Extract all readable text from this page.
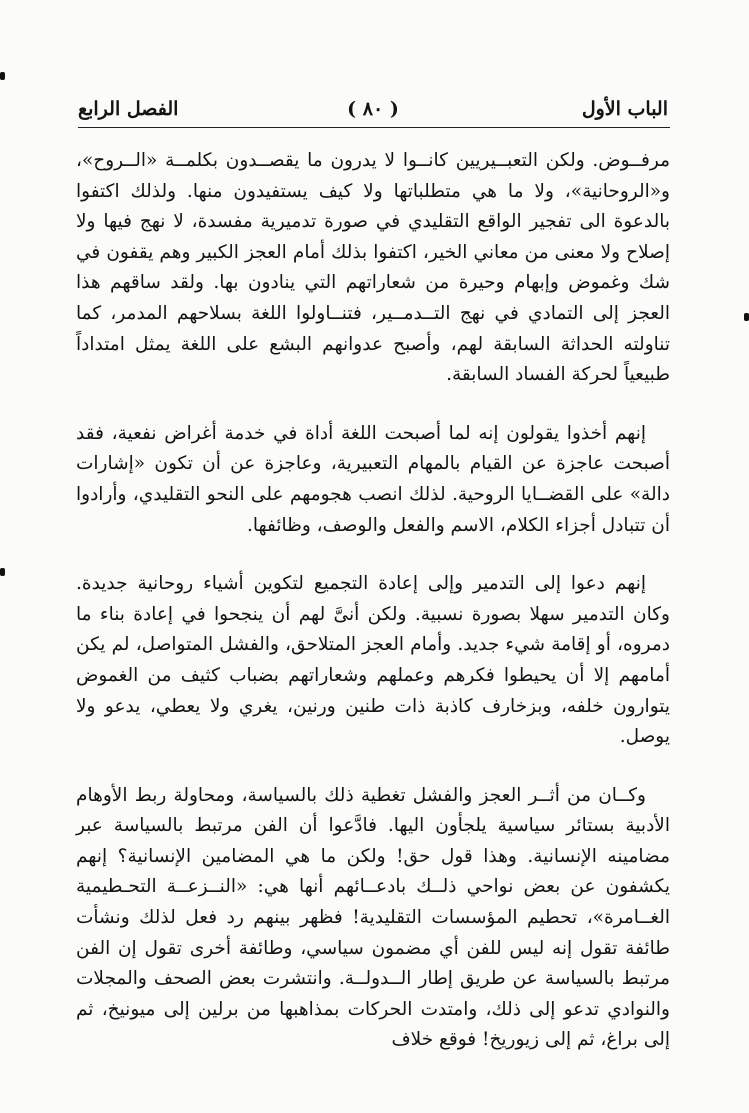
الباب الأول
( ٨٠ )
الفصل الرابع

مرفــوض. ولكن التعبــيريين كانــوا لا يدرون ما يقصــدون بكلمــة «الــروح»، و«الروحانية»، ولا ما هي متطلباتها ولا كيف يستفيدون منها. ولذلك اكتفوا بالدعوة الى تفجير الواقع التقليدي في صورة تدميرية مفسدة، لا نهج فيها ولا إصلاح ولا معنى من معاني الخير، اكتفوا بذلك أمام العجز الكبير وهم يقفون في شك وغموض وإبهام وحيرة من شعاراتهم التي ينادون بها. ولقد ساقهم هذا العجز إلى التمادي في نهج التــدمــير، فتنــاولوا اللغة بسلاحهم المدمر، كما تناولته الحداثة السابقة لهم، وأصبح عدوانهم البشع على اللغة يمثل امتداداً طبيعياً لحركة الفساد السابقة.

إنهم أخذوا يقولون إنه لما أصبحت اللغة أداة في خدمة أغراض نفعية، فقد أصبحت عاجزة عن القيام بالمهام التعبيرية، وعاجزة عن أن تكون «إشارات دالة» على القضــايا الروحية. لذلك انصب هجومهم على النحو التقليدي، وأرادوا أن تتبادل أجزاء الكلام، الاسم والفعل والوصف، وظائفها.

إنهم دعوا إلى التدمير وإلى إعادة التجميع لتكوين أشياء روحانية جديدة. وكان التدمير سهلا بصورة نسبية. ولكن أنىَّ لهم أن ينجحوا في إعادة بناء ما دمروه، أو إقامة شيء جديد. وأمام العجز المتلاحق، والفشل المتواصل، لم يكن أمامهم إلا أن يحيطوا فكرهم وعملهم وشعاراتهم بضباب كثيف من الغموض يتوارون خلفه، وبزخارف كاذبة ذات طنين ورنين، يغري ولا يعطي، يدعو ولا يوصل.

وكــان من أثــر العجز والفشل تغطية ذلك بالسياسة، ومحاولة ربط الأوهام الأدبية بستائر سياسية يلجأون اليها. فادَّعوا أن الفن مرتبط بالسياسة عبر مضامينه الإنسانية. وهذا قول حق! ولكن ما هي المضامين الإنسانية؟ إنهم يكشفون عن بعض نواحي ذلــك بادعــائهم أنها هي: «النــزعــة التحـطيمية الغــامرة»، تحطيم المؤسسات التقليدية! فظهر بينهم رد فعل لذلك ونشأت طائفة تقول إنه ليس للفن أي مضمون سياسي، وطائفة أخرى تقول إن الفن مرتبط بالسياسة عن طريق إطار الــدولــة. وانتشرت بعض الصحف والمجلات والنوادي تدعو إلى ذلك، وامتدت الحركات بمذاهبها من برلين إلى ميونيخ، ثم إلى براغ، ثم إلى زيوريخ! فوقع خلاف
